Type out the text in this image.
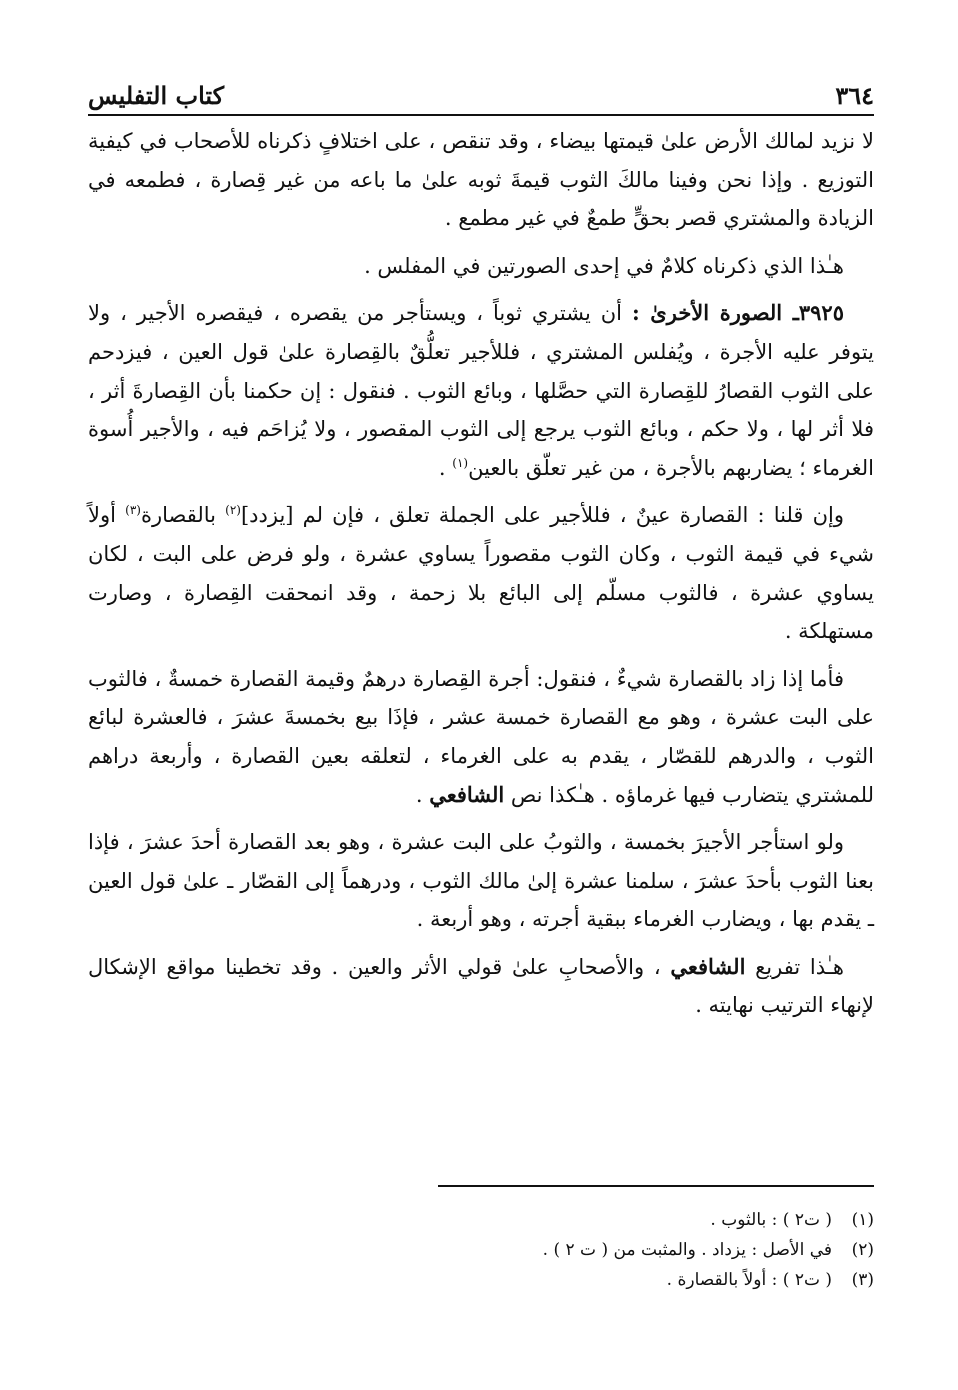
٣٦٤
كتاب التفليس

لا نزيد لمالك الأرض علىٰ قيمتها بيضاء ، وقد تنقص ، على اختلافٍ ذكرناه للأصحاب في كيفية التوزيع . وإذا نحن وفينا مالكَ الثوب قيمةَ ثوبه علىٰ ما باعه من غير قِصارة ، فطمعه في الزيادة والمشتري قصر بحقٍّ طمعٌ في غير مطمع .

هـٰذا الذي ذكرناه كلامٌ في إحدى الصورتين في المفلس .

٣٩٢٥ـ الصورة الأخرىٰ : أن يشتري ثوباً ، ويستأجر من يقصره ، فيقصره الأجير ، ولا يتوفر عليه الأجرة ، ويُفلس المشتري ، فللأجير تعلُّقٌ بالقِصارة علىٰ قول العين ، فيزدحم على الثوب القصارُ للقِصارة التي حصَّلها ، وبائع الثوب . فنقول : إن حكمنا بأن القِصارةَ أثر ، فلا أثر لها ، ولا حكم ، وبائع الثوب يرجع إلى الثوب المقصور ، ولا يُزاحَم فيه ، والأجير أُسوة الغرماء ؛ يضاربهم بالأجرة ، من غير تعلّق بالعين$^{(١)}$ .

وإن قلنا : القصارة عينٌ ، فللأجير على الجملة تعلق ، فإن لم [يزدد]$^{(٢)}$ بالقصارة$^{(٣)}$ أولاً شيء في قيمة الثوب ، وكان الثوب مقصوراً يساوي عشرة ، ولو فرض على البت ، لكان يساوي عشرة ، فالثوب مسلّم إلى البائع بلا زحمة ، وقد انمحقت القِصارة ، وصارت مستهلكة .

فأما إذا زاد بالقصارة شيءٌ ، فنقول: أجرة القِصارة درهمٌ وقيمة القصارة خمسةٌ ، فالثوب على البت عشرة ، وهو مع القصارة خمسة عشر ، فإذَا بيع بخمسةَ عشرَ ، فالعشرة لبائع الثوب ، والدرهم للقصّار ، يقدم به على الغرماء ، لتعلقه بعين القصارة ، وأربعة دراهم للمشتري يتضارب فيها غرماؤه . هـٰكذا نص الشافعي .

ولو استأجر الأجيرَ بخمسة ، والثوبُ على البت عشرة ، وهو بعد القصارة أحدَ عشرَ ، فإذا بعنا الثوب بأحدَ عشرَ ، سلمنا عشرة إلىٰ مالك الثوب ، ودرهماً إلى القصّار ـ علىٰ قول العين ـ يقدم بها ، ويضارب الغرماء ببقية أجرته ، وهو أربعة .

هـٰذا تفريع الشافعي ، والأصحابِ علىٰ قولي الأثر والعين . وقد تخطينا مواقع الإشكال لإنهاء الترتيب نهايته .

(١)
( ت٢ ) : بالثوب .
(٢)
في الأصل : يزداد . والمثبت من ( ت ٢ ) .
(٣)
( ت٢ ) : أولاً بالقصارة .
